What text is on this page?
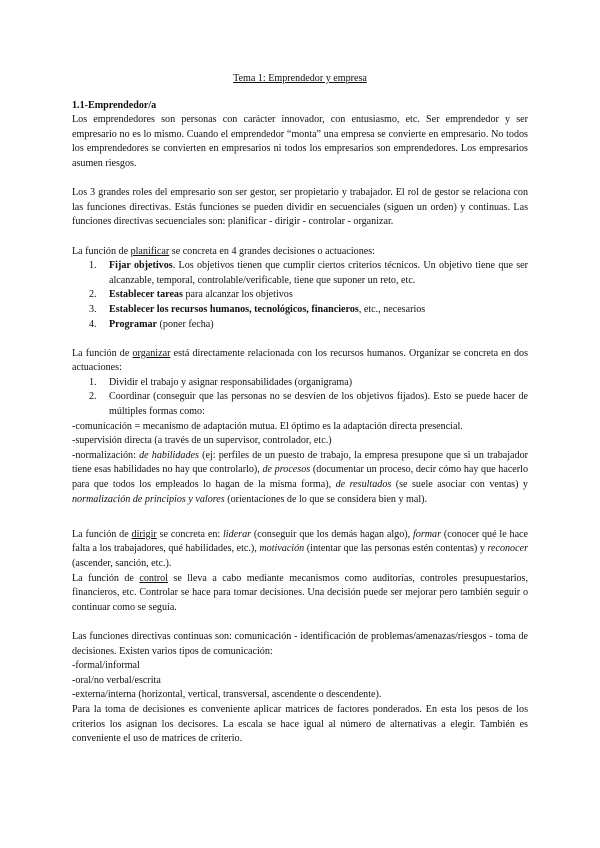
Tema 1: Emprendedor y empresa

1.1-Emprendedor/a

Los emprendedores son personas con carácter innovador, con entusiasmo, etc. Ser emprendedor y ser empresario no es lo mismo. Cuando el emprendedor “monta” una empresa se convierte en empresario. No todos los emprendedores se convierten en empresarios ni todos los empresarios son emprendedores. Los empresarios asumen riesgos.

Los 3 grandes roles del empresario son ser gestor, ser propietario y trabajador. El rol de gestor se relaciona con las funciones directivas. Estás funciones se pueden dividir en secuenciales (siguen un orden) y continuas. Las funciones directivas secuenciales son: planificar - dirigir - controlar - organizar.

La función de planificar se concreta en 4 grandes decisiones o actuaciones:

1. Fijar objetivos. Los objetivos tienen que cumplir ciertos criterios técnicos. Un objetivo tiene que ser alcanzable, temporal, controlable/verificable, tiene que suponer un reto, etc.
2. Establecer tareas para alcanzar los objetivos
3. Establecer los recursos humanos, tecnológicos, financieros, etc., necesarios
4. Programar (poner fecha)

La función de organizar está directamente relacionada con los recursos humanos. Organizar se concreta en dos actuaciones:

1. Dividir el trabajo y asignar responsabilidades (organigrama)
2. Coordinar (conseguir que las personas no se desvíen de los objetivos fijados). Esto se puede hacer de múltiples formas como:

-comunicación = mecanismo de adaptación mutua. El óptimo es la adaptación directa presencial.

-supervisión directa (a través de un supervisor, controlador, etc.)

-normalización: de habilidades (ej: perfiles de un puesto de trabajo, la empresa presupone que si un trabajador tiene esas habilidades no hay que controlarlo), de procesos (documentar un proceso, decir cómo hay que hacerlo para que todos los empleados lo hagan de la misma forma), de resultados (se suele asociar con ventas) y normalización de principios y valores (orientaciones de lo que se considera bien y mal).

La función de dirigir se concreta en: liderar (conseguir que los demás hagan algo), formar (conocer qué le hace falta a los trabajadores, qué habilidades, etc.), motivación (intentar que las personas estén contentas) y reconocer (ascender, sanción, etc.).

La función de control se lleva a cabo mediante mecanismos como auditorías, controles presupuestarios, financieros, etc. Controlar se hace para tomar decisiones. Una decisión puede ser mejorar pero también seguir o continuar como se seguía.

Las funciones directivas continuas son: comunicación - identificación de problemas/amenazas/riesgos - toma de decisiones. Existen varios tipos de comunicación:

-formal/informal

-oral/no verbal/escrita

-externa/interna (horizontal, vertical, transversal, ascendente o descendente).

Para la toma de decisiones es conveniente aplicar matrices de factores ponderados. En esta los pesos de los criterios los asignan los decisores. La escala se hace igual al número de alternativas a elegir. También es conveniente el uso de matrices de criterio.
